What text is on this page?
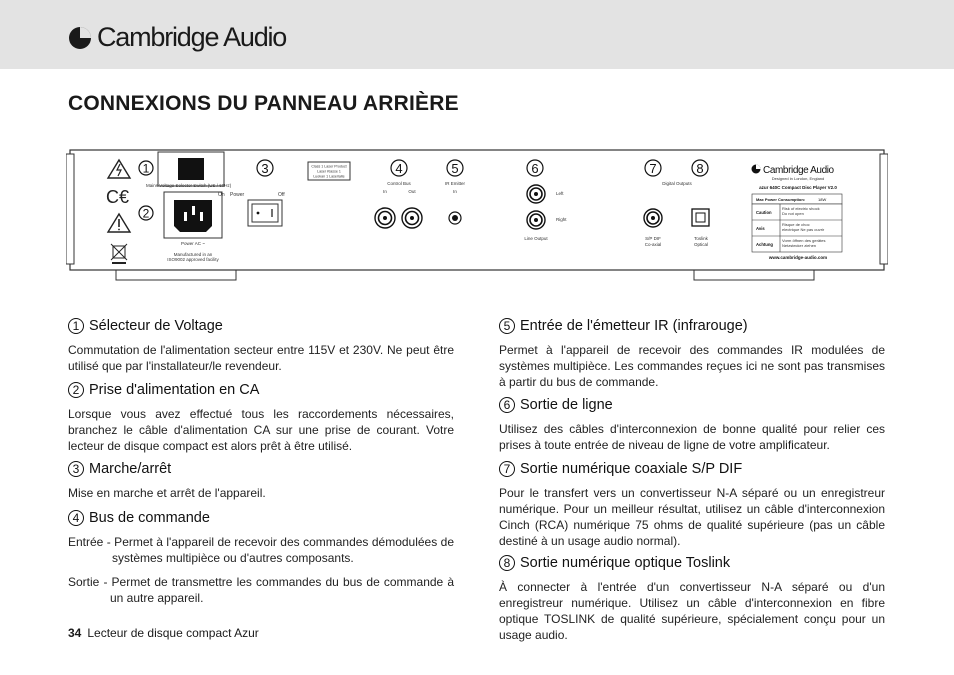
Cambridge Audio
CONNEXIONS DU PANNEAU ARRIÈRE
C€
Mains Voltage Selector Switch (US / 60Hz)
1
2
Power AC ~
Manufactured in an
ISO9002 approved facility
On Power	Off
3	Class 1 Laser Product
Laser Klasse 1
Luokan 1 Laserlaite
4
Control Bus
In	Out
5
IR Emitter
In
6
Left
Right
Line Output
7	8
Digital Outputs
S/P DIF
Co-axial
Toslink
Optical
Cambridge Audio
Designed in London, England
azur 640C Compact Disc Player V2.0
Max Power Consumption:	18W
Caution
Risk of electric shock Do not open
Avis
Risque de choc electrique Ne pas ouvrir
Achtung
Vorm öffnen des gerätes Netzstecker ziehen
www.cambridge-audio.com
1 Sélecteur de Voltage

Commutation de l'alimentation secteur entre 115V et 230V. Ne peut être utilisé que par l'installateur/le revendeur.

2 Prise d'alimentation en CA

Lorsque vous avez effectué tous les raccordements nécessaires, branchez le câble d'alimentation CA sur une prise de courant. Votre lecteur de disque compact est alors prêt à être utilisé.

3 Marche/arrêt

Mise en marche et arrêt de l'appareil.

4 Bus de commande

Entrée - Permet à l'appareil de recevoir des commandes démodulées de systèmes multipièce ou d'autres composants.

Sortie - Permet de transmettre les commandes du bus de commande à un autre appareil.

5 Entrée de l'émetteur IR (infrarouge)

Permet à l'appareil de recevoir des commandes IR modulées de systèmes multipièce. Les commandes reçues ici ne sont pas transmises à partir du bus de commande.

6 Sortie de ligne

Utilisez des câbles d'interconnexion de bonne qualité pour relier ces prises à toute entrée de niveau de ligne de votre amplificateur.

7 Sortie numérique coaxiale S/P DIF

Pour le transfert vers un convertisseur N-A séparé ou un enregistreur numérique. Pour un meilleur résultat, utilisez un câble d'interconnexion Cinch (RCA) numérique 75 ohms de qualité supérieure (pas un câble destiné à un usage audio normal).

8 Sortie numérique optique Toslink

À connecter à l'entrée d'un convertisseur N-A séparé ou d'un enregistreur numérique. Utilisez un câble d'interconnexion en fibre optique TOSLINK de qualité supérieure, spécialement conçu pour un usage audio.

34 Lecteur de disque compact Azur
